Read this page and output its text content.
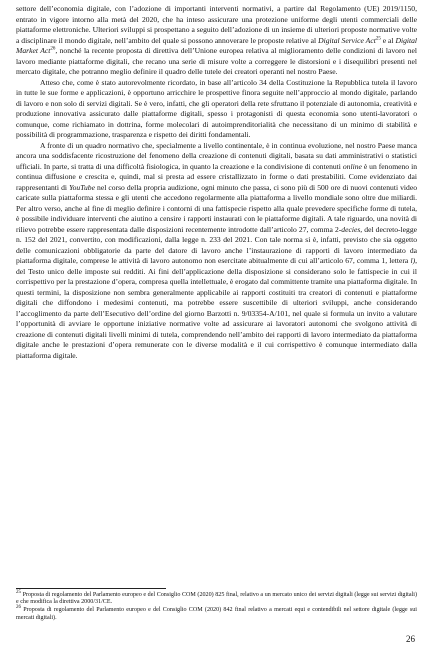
settore dell’economia digitale, con l’adozione di importanti interventi normativi, a partire dal Regolamento (UE) 2019/1150, entrato in vigore intorno alla metà del 2020, che ha inteso assicurare una protezione uniforme degli utenti commerciali delle piattaforme elettroniche. Ulteriori sviluppi si prospettano a seguito dell’adozione di un insieme di ulteriori proposte normative volte a disciplinare il mondo digitale, nell’ambito del quale si possono annoverare le proposte relative al Digital Service Act$^{25}$ e al Digital Market Act$^{26}$, nonché la recente proposta di direttiva dell’Unione europea relativa al miglioramento delle condizioni di lavoro nel lavoro mediante piattaforme digitali, che recano una serie di misure volte a correggere le distorsioni e i disequilibri presenti nel mercato digitale, che potranno meglio definire il quadro delle tutele dei creatori operanti nel nostro Paese.

Atteso che, come è stato autorevolmente ricordato, in base all’articolo 34 della Costituzione la Repubblica tutela il lavoro in tutte le sue forme e applicazioni, è opportuno arricchire le prospettive finora seguite nell’approccio al mondo digitale, parlando di lavoro e non solo di servizi digitali. Se è vero, infatti, che gli operatori della rete sfruttano il potenziale di autonomia, creatività e produzione innovativa assicurato dalle piattaforme digitali, spesso i protagonisti di questa economia sono utenti-lavoratori o comunque, come richiamato in dottrina, forme molecolari di autoimprenditorialità che necessitano di un minimo di stabilità e possibilità di programmazione, trasparenza e rispetto dei diritti fondamentali.

A fronte di un quadro normativo che, specialmente a livello continentale, è in continua evoluzione, nel nostro Paese manca ancora una soddisfacente ricostruzione del fenomeno della creazione di contenuti digitali, basata su dati amministrativi o statistici ufficiali. In parte, si tratta di una difficoltà fisiologica, in quanto la creazione e la condivisione di contenuti online è un fenomeno in continua diffusione e crescita e, quindi, mal si presta ad essere cristallizzato in forme o dati prestabiliti. Come evidenziato dai rappresentanti di YouTube nel corso della propria audizione, ogni minuto che passa, ci sono più di 500 ore di nuovi contenuti video caricate sulla piattaforma stessa e gli utenti che accedono regolarmente alla piattaforma a livello mondiale sono oltre due miliardi. Per altro verso, anche al fine di meglio definire i contorni di una fattispecie rispetto alla quale prevedere specifiche forme di tutela, è possibile individuare interventi che aiutino a censire i rapporti instaurati con le piattaforme digitali. A tale riguardo, una novità di rilievo potrebbe essere rappresentata dalle disposizioni recentemente introdotte dall’articolo 27, comma 2-decies, del decreto-legge n. 152 del 2021, convertito, con modificazioni, dalla legge n. 233 del 2021. Con tale norma si è, infatti, previsto che sia oggetto delle comunicazioni obbligatorie da parte del datore di lavoro anche l’instaurazione di rapporti di lavoro intermediato da piattaforma digitale, comprese le attività di lavoro autonomo non esercitate abitualmente di cui all’articolo 67, comma 1, lettera l), del Testo unico delle imposte sui redditi. Ai fini dell’applicazione della disposizione si considerano solo le fattispecie in cui il corrispettivo per la prestazione d’opera, compresa quella intellettuale, è erogato dal committente tramite una piattaforma digitale. In questi termini, la disposizione non sembra generalmente applicabile ai rapporti costituiti tra creatori di contenuti e piattaforme digitali che diffondono i medesimi contenuti, ma potrebbe essere suscettibile di ulteriori sviluppi, anche considerando l’accoglimento da parte dell’Esecutivo dell’ordine del giorno Barzotti n. 9/03354-A/101, nel quale si formula un invito a valutare l’opportunità di avviare le opportune iniziative normative volte ad assicurare ai lavoratori autonomi che svolgono attività di creazione di contenuti digitali livelli minimi di tutela, comprendendo nell’ambito dei rapporti di lavoro intermediato da piattaforma digitale anche le prestazioni d’opera remunerate con le diverse modalità e il cui corrispettivo è comunque intermediato dalla piattaforma digitale.

$^{25}$ Proposta di regolamento del Parlamento europeo e del Consiglio COM (2020) 825 final, relativo a un mercato unico dei servizi digitali (legge sui servizi digitali) e che modifica la direttiva 2000/31/CE.

$^{26}$ Proposta di regolamento del Parlamento europeo e del Consiglio COM (2020) 842 final relativo a mercati equi e contendibili nel settore digitale (legge sui mercati digitali).

26
